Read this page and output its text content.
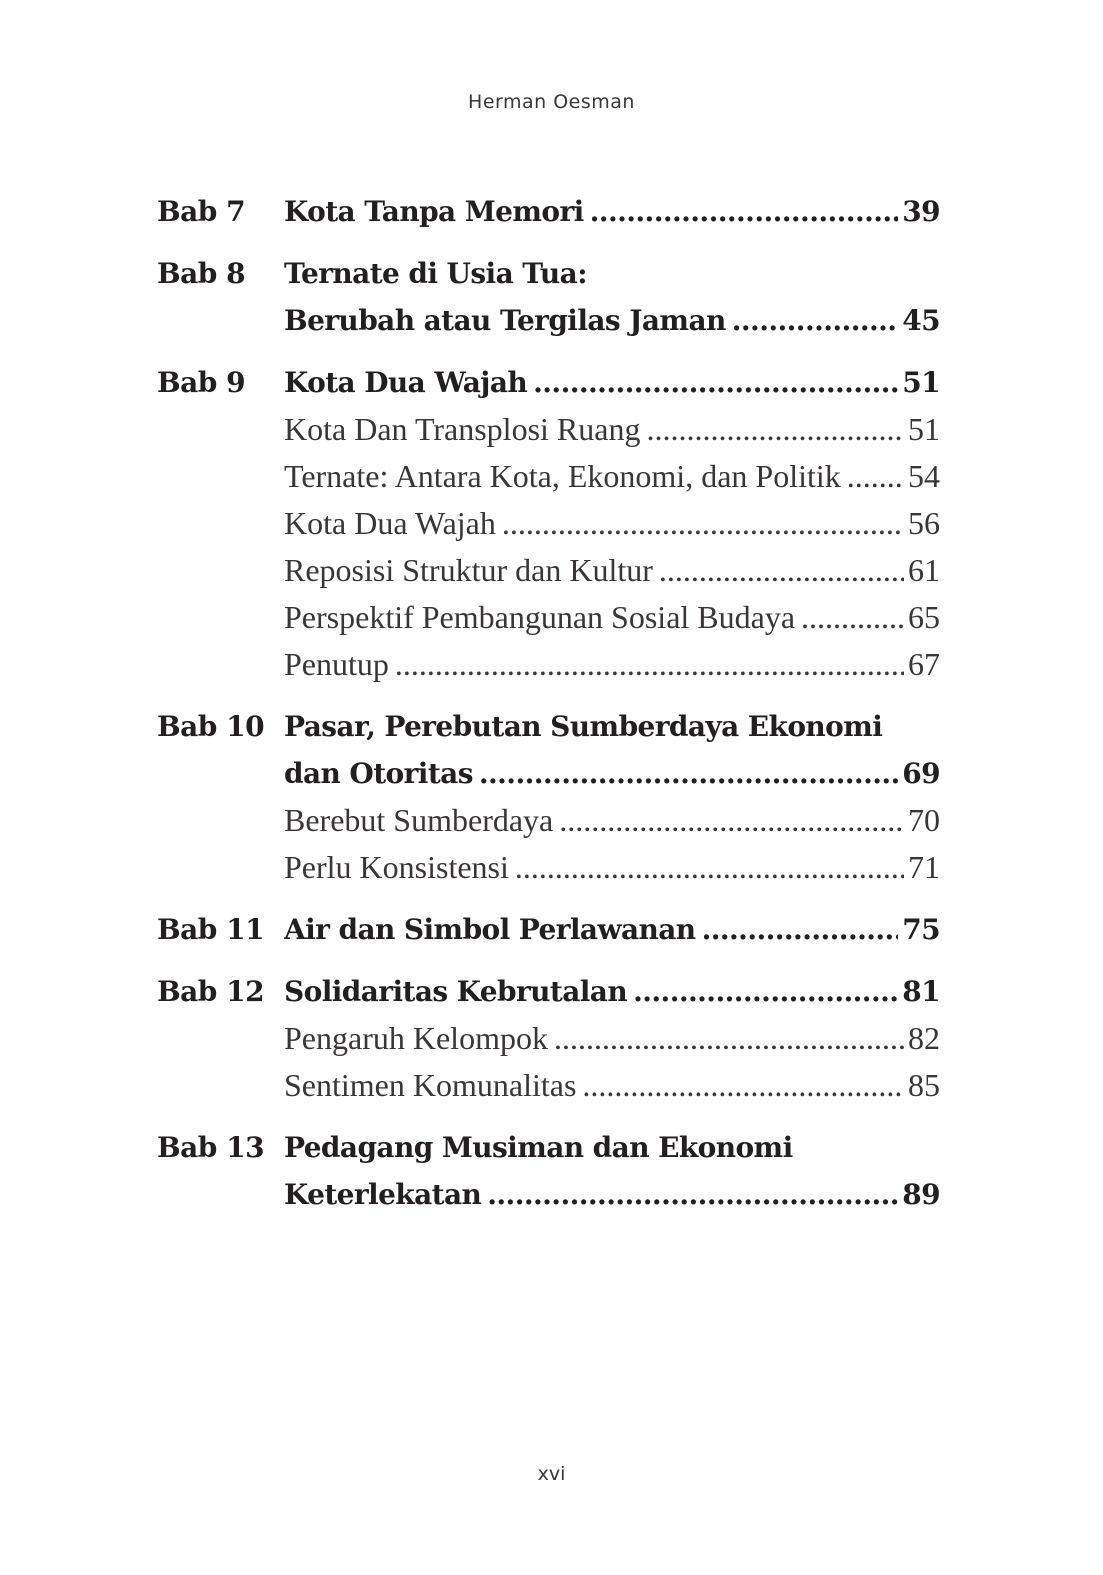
Herman Oesman
Bab 7	Kota Tanpa Memori .....	39
Bab 8	Ternate di Usia Tua:
Berubah atau Tergilas Jaman .....	45
Bab 9	Kota Dua Wajah .....	51
Kota Dan Transplosi Ruang .....	51
Ternate: Antara Kota, Ekonomi, dan Politik ..... 54
Kota Dua Wajah .....	56
Reposisi Struktur dan Kultur .....	61
Perspektif Pembangunan Sosial Budaya .....	65
Penutup .....	67
Bab 10 Pasar, Perebutan Sumberdaya Ekonomi
dan Otoritas .....	69
Berebut Sumberdaya .....	70
Perlu Konsistensi .....	71
Bab 11 Air dan Simbol Perlawanan .....	75
Bab 12 Solidaritas Kebrutalan .....	81
Pengaruh Kelompok .....	82
Sentimen Komunalitas .....	85
Bab 13 Pedagang Musiman dan Ekonomi
Keterlekatan .....	89
xvi
